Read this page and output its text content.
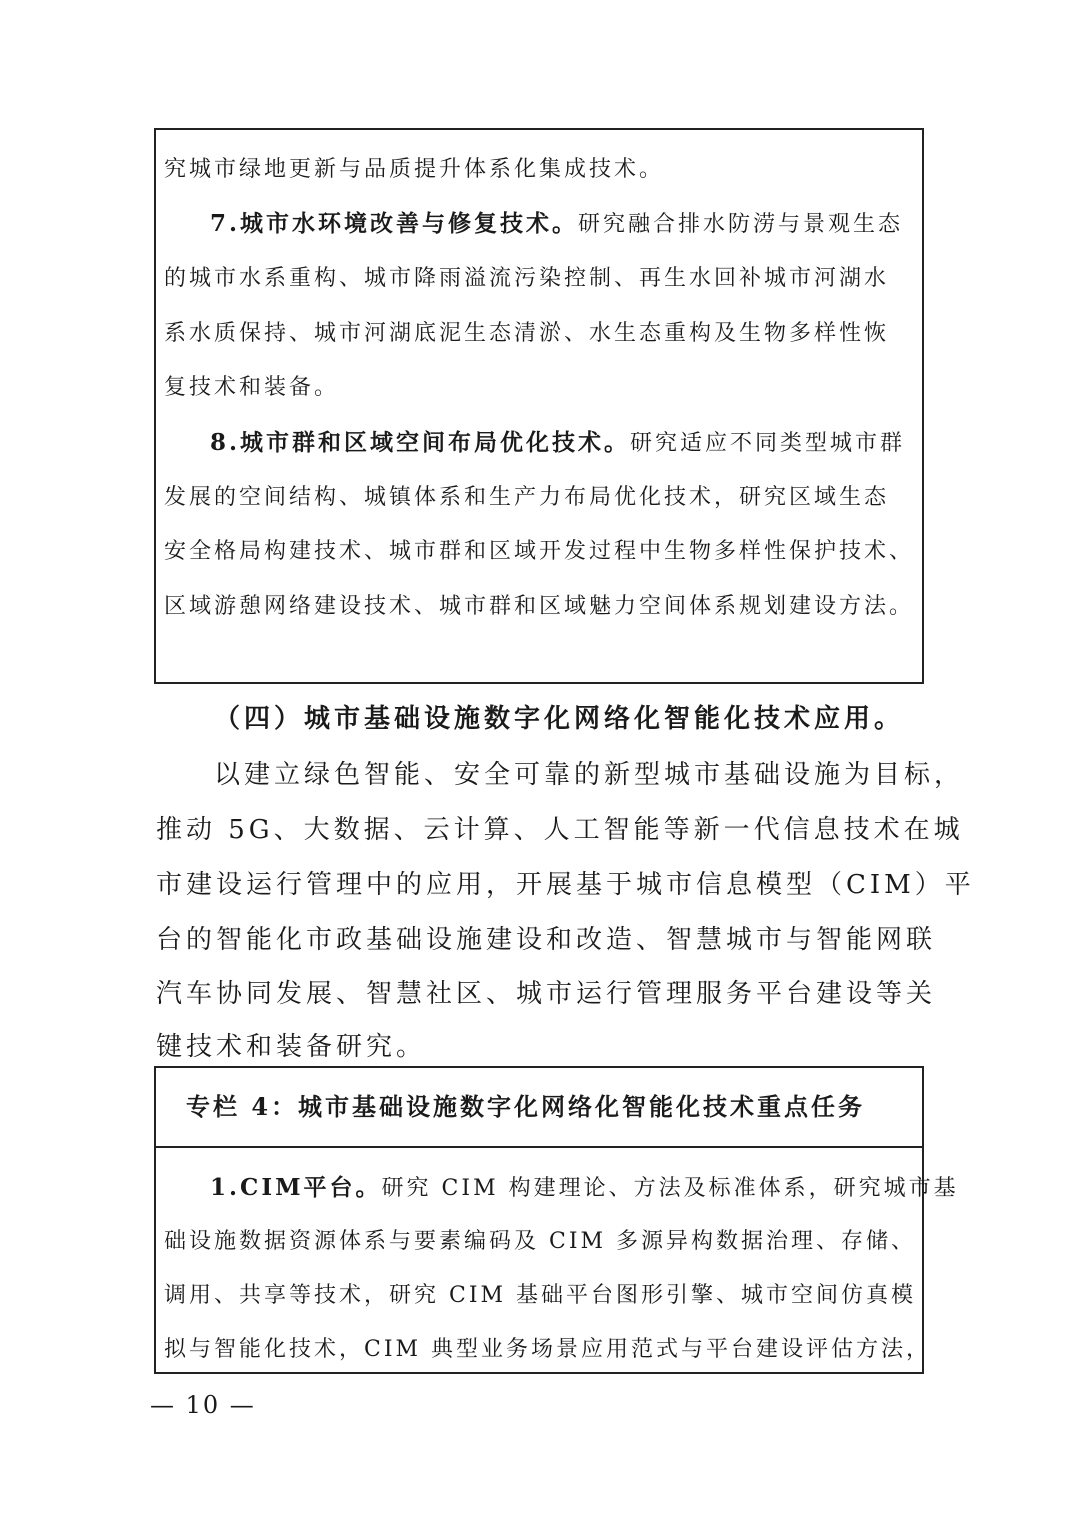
究城市绿地更新与品质提升体系化集成技术。
7.城市水环境改善与修复技术。研究融合排水防涝与景观生态
的城市水系重构、城市降雨溢流污染控制、再生水回补城市河湖水
系水质保持、城市河湖底泥生态清淤、水生态重构及生物多样性恢
复技术和装备。
8.城市群和区域空间布局优化技术。研究适应不同类型城市群
发展的空间结构、城镇体系和生产力布局优化技术，研究区域生态
安全格局构建技术、城市群和区域开发过程中生物多样性保护技术、
区域游憩网络建设技术、城市群和区域魅力空间体系规划建设方法。
（四）城市基础设施数字化网络化智能化技术应用。
以建立绿色智能、安全可靠的新型城市基础设施为目标，
推动 5G、大数据、云计算、人工智能等新一代信息技术在城
市建设运行管理中的应用，开展基于城市信息模型（CIM）平
台的智能化市政基础设施建设和改造、智慧城市与智能网联
汽车协同发展、智慧社区、城市运行管理服务平台建设等关
键技术和装备研究。
专栏 4：城市基础设施数字化网络化智能化技术重点任务
1.CIM平台。研究 CIM 构建理论、方法及标准体系，研究城市基
础设施数据资源体系与要素编码及 CIM 多源异构数据治理、存储、
调用、共享等技术，研究 CIM 基础平台图形引擎、城市空间仿真模
拟与智能化技术，CIM 典型业务场景应用范式与平台建设评估方法，
— 10 —
